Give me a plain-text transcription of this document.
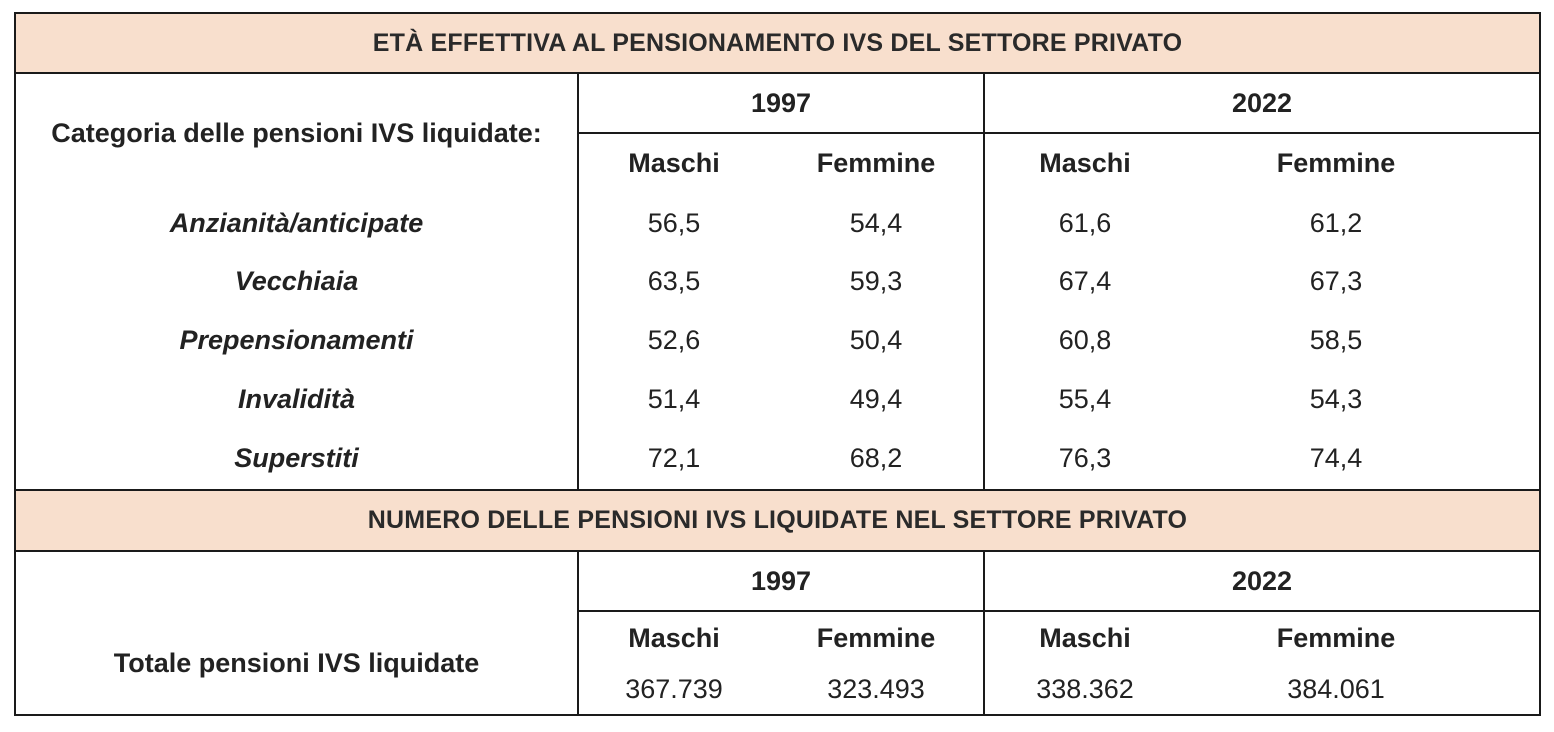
ETÀ EFFETTIVA AL PENSIONAMENTO IVS DEL SETTORE PRIVATO
Categoria delle pensioni IVS liquidate:
1997	2022
Maschi	Femmine	Maschi	Femmine
Anzianità/anticipate	56,5	54,4	61,6	61,2
Vecchiaia	63,5	59,3	67,4	67,3
Prepensionamenti	52,6	50,4	60,8	58,5
Invalidità	51,4	49,4	55,4	54,3
Superstiti	72,1	68,2	76,3	74,4
NUMERO DELLE PENSIONI IVS LIQUIDATE NEL SETTORE PRIVATO
Totale pensioni IVS liquidate
1997	2022
Maschi	Femmine	Maschi	Femmine
367.739	323.493	338.362	384.061
